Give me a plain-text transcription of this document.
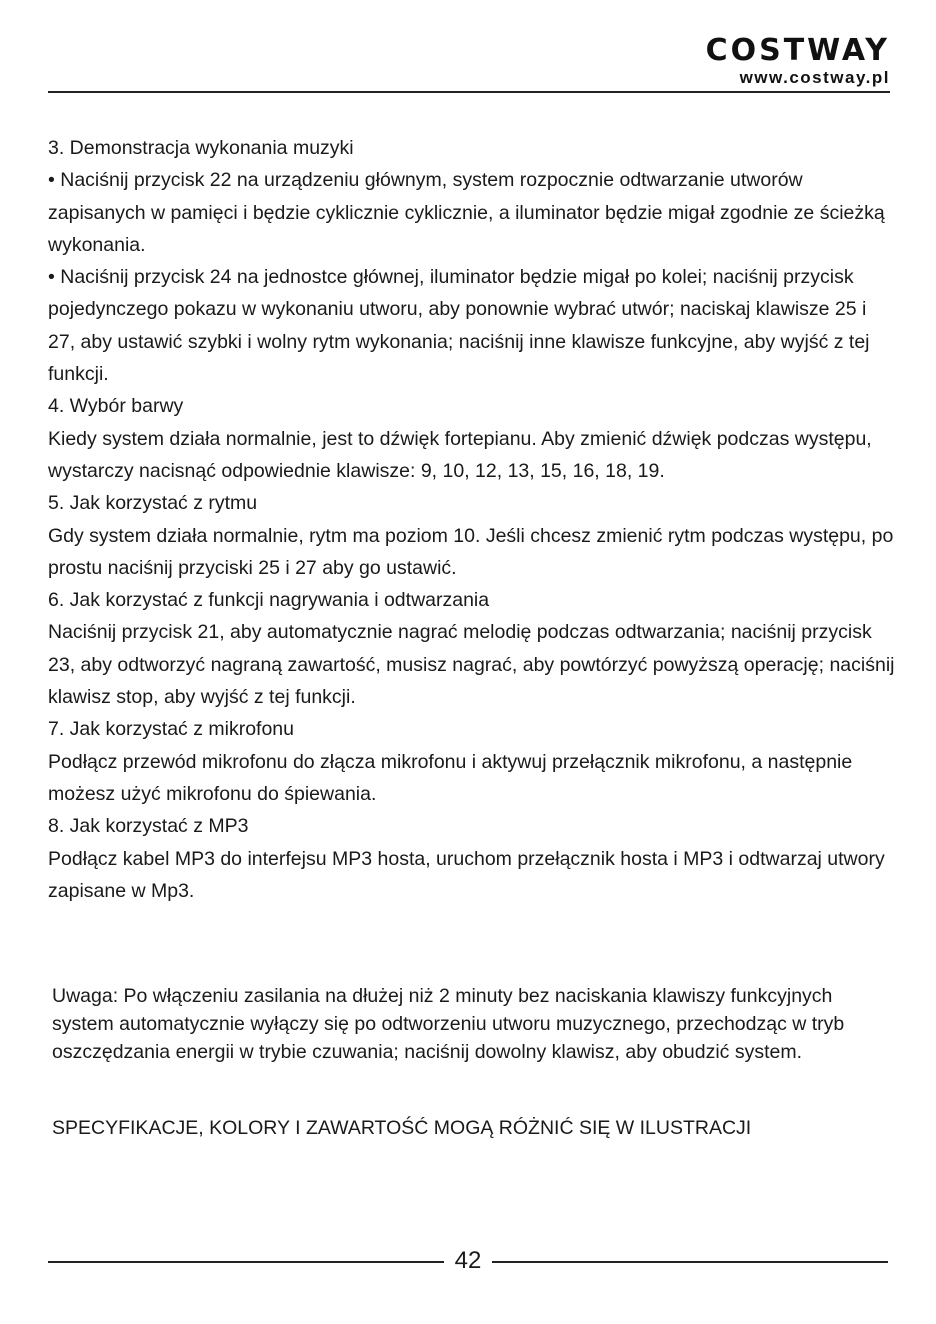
COSTWAY
www.costway.pl

3. Demonstracja wykonania muzyki

• Naciśnij przycisk 22 na urządzeniu głównym, system rozpocznie odtwarzanie utworów zapisanych w pamięci i będzie cyklicznie cyklicznie, a iluminator będzie migał zgodnie ze ścieżką wykonania.

• Naciśnij przycisk 24 na jednostce głównej, iluminator będzie migał po kolei; naciśnij przycisk pojedynczego pokazu w wykonaniu utworu, aby ponownie wybrać utwór; naciskaj klawisze 25 i 27, aby ustawić szybki i wolny rytm wykonania; naciśnij inne klawisze funkcyjne, aby wyjść z tej funkcji.

4. Wybór barwy

Kiedy system działa normalnie, jest to dźwięk fortepianu. Aby zmienić dźwięk podczas występu, wystarczy nacisnąć odpowiednie klawisze: 9, 10, 12, 13, 15, 16, 18, 19.

5. Jak korzystać z rytmu

Gdy system działa normalnie, rytm ma poziom 10. Jeśli chcesz zmienić rytm podczas występu, po prostu naciśnij przyciski 25 i 27 aby go ustawić.

6. Jak korzystać z funkcji nagrywania i odtwarzania

Naciśnij przycisk 21, aby automatycznie nagrać melodię podczas odtwarzania; naciśnij przycisk 23, aby odtworzyć nagraną zawartość, musisz nagrać, aby powtórzyć powyższą operację; naciśnij klawisz stop, aby wyjść z tej funkcji.

7. Jak korzystać z mikrofonu

Podłącz przewód mikrofonu do złącza mikrofonu i aktywuj przełącznik mikrofonu, a następnie możesz użyć mikrofonu do śpiewania.

8. Jak korzystać z MP3

Podłącz kabel MP3 do interfejsu MP3 hosta, uruchom przełącznik hosta i MP3 i odtwarzaj utwory zapisane w Mp3.

Uwaga: Po włączeniu zasilania na dłużej niż 2 minuty bez naciskania klawiszy funkcyjnych system automatycznie wyłączy się po odtworzeniu utworu muzycznego, przechodząc w tryb oszczędzania energii w trybie czuwania; naciśnij dowolny klawisz, aby obudzić system.

SPECYFIKACJE, KOLORY I ZAWARTOŚĆ MOGĄ RÓŻNIĆ SIĘ W ILUSTRACJI
42
